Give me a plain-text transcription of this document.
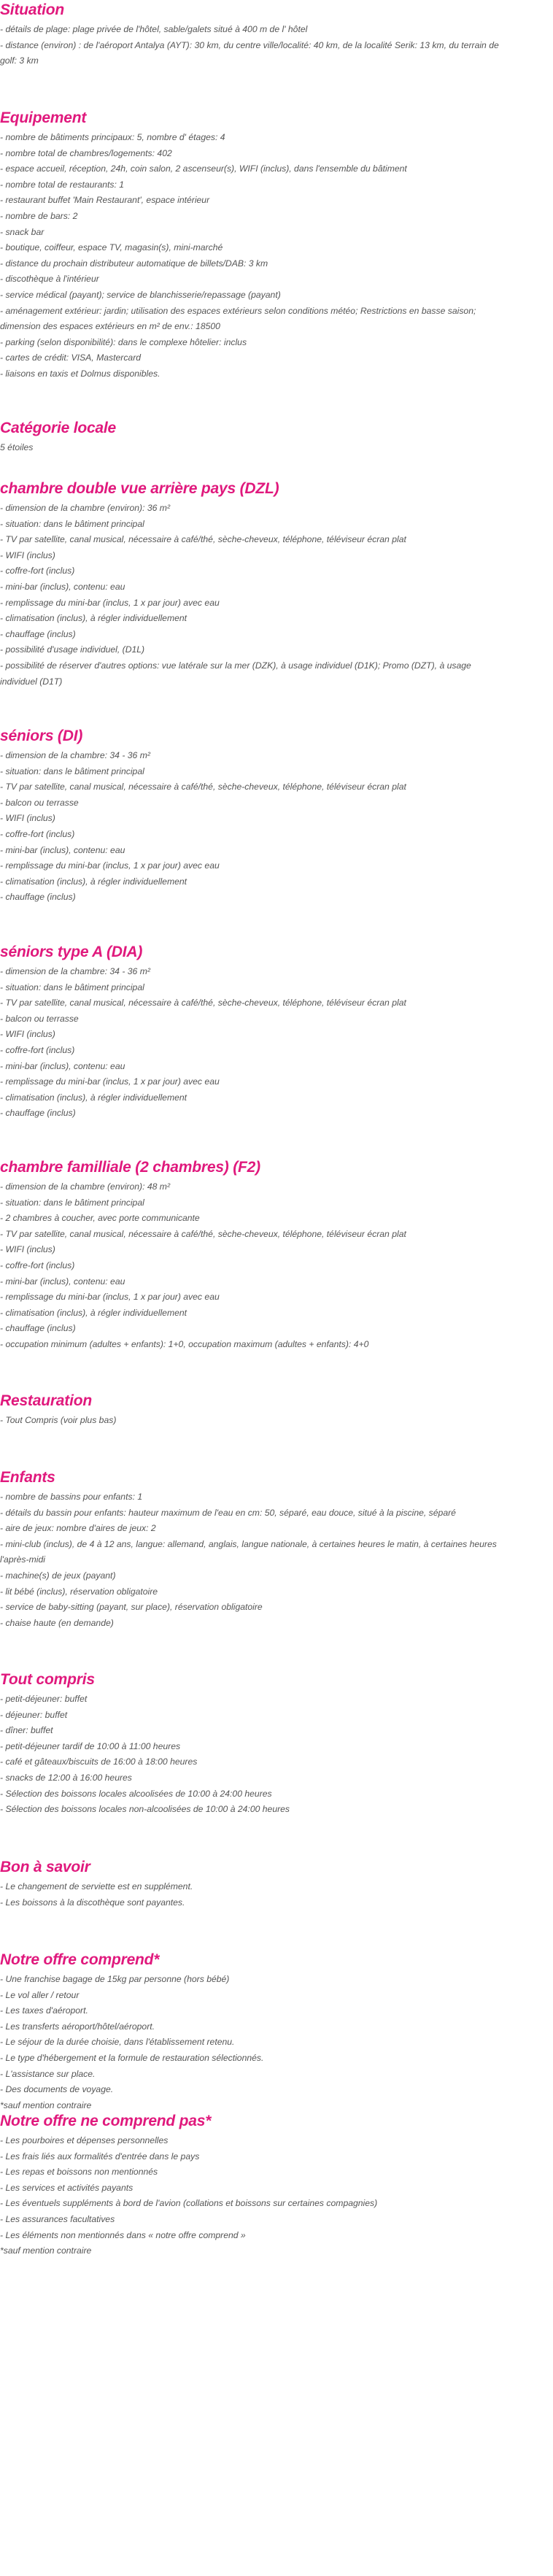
Situation
- détails de plage: plage privée de l'hôtel, sable/galets situé à 400 m de l' hôtel
- distance (environ) : de l'aéroport Antalya (AYT): 30 km, du centre ville/localité: 40 km, de la localité Serik: 13 km, du terrain de golf: 3 km
Equipement
- nombre de bâtiments principaux: 5, nombre d' étages: 4
- nombre total de chambres/logements: 402
- espace accueil, réception, 24h, coin salon, 2 ascenseur(s), WIFI (inclus), dans l'ensemble du bâtiment
- nombre total de restaurants: 1
- restaurant buffet 'Main Restaurant', espace intérieur
- nombre de bars: 2
- snack bar
- boutique, coiffeur, espace TV, magasin(s), mini-marché
- distance du prochain distributeur automatique de billets/DAB: 3 km
- discothèque à l'intérieur
- service médical (payant); service de blanchisserie/repassage (payant)
- aménagement extérieur: jardin; utilisation des espaces extérieurs selon conditions météo; Restrictions en basse saison; dimension des espaces extérieurs en m² de env.: 18500
- parking (selon disponibilité): dans le complexe hôtelier: inclus
- cartes de crédit: VISA, Mastercard
- liaisons en taxis et Dolmus disponibles.
Catégorie locale
5 étoiles
chambre double vue arrière pays (DZL)
- dimension de la chambre (environ): 36 m²
- situation: dans le bâtiment principal
- TV par satellite, canal musical, nécessaire à café/thé, sèche-cheveux, téléphone, téléviseur écran plat
- WIFI (inclus)
- coffre-fort (inclus)
- mini-bar (inclus), contenu: eau
- remplissage du mini-bar (inclus, 1 x par jour) avec eau
- climatisation (inclus), à régler individuellement
- chauffage (inclus)
- possibilité d'usage individuel, (D1L)
- possibilité de réserver d'autres options: vue latérale sur la mer (DZK), à usage individuel (D1K); Promo (DZT), à usage individuel (D1T)
séniors (DI)
- dimension de la chambre: 34 - 36 m²
- situation: dans le bâtiment principal
- TV par satellite, canal musical, nécessaire à café/thé, sèche-cheveux, téléphone, téléviseur écran plat
- balcon ou terrasse
- WIFI (inclus)
- coffre-fort (inclus)
- mini-bar (inclus), contenu: eau
- remplissage du mini-bar (inclus, 1 x par jour) avec eau
- climatisation (inclus), à régler individuellement
- chauffage (inclus)
séniors type A (DIA)
- dimension de la chambre: 34 - 36 m²
- situation: dans le bâtiment principal
- TV par satellite, canal musical, nécessaire à café/thé, sèche-cheveux, téléphone, téléviseur écran plat
- balcon ou terrasse
- WIFI (inclus)
- coffre-fort (inclus)
- mini-bar (inclus), contenu: eau
- remplissage du mini-bar (inclus, 1 x par jour) avec eau
- climatisation (inclus), à régler individuellement
- chauffage (inclus)
chambre familliale (2 chambres) (F2)
- dimension de la chambre (environ): 48 m²
- situation: dans le bâtiment principal
- 2 chambres à coucher, avec porte communicante
- TV par satellite, canal musical, nécessaire à café/thé, sèche-cheveux, téléphone, téléviseur écran plat
- WIFI (inclus)
- coffre-fort (inclus)
- mini-bar (inclus), contenu: eau
- remplissage du mini-bar (inclus, 1 x par jour) avec eau
- climatisation (inclus), à régler individuellement
- chauffage (inclus)
- occupation minimum (adultes + enfants): 1+0, occupation maximum (adultes + enfants): 4+0
Restauration
- Tout Compris (voir plus bas)
Enfants
- nombre de bassins pour enfants: 1
- détails du bassin pour enfants: hauteur maximum de l'eau en cm: 50, séparé, eau douce, situé à la piscine, séparé
- aire de jeux: nombre d'aires de jeux: 2
- mini-club (inclus), de 4 à 12 ans, langue: allemand, anglais, langue nationale, à certaines heures le matin, à certaines heures l'après-midi
- machine(s) de jeux (payant)
- lit bébé (inclus), réservation obligatoire
- service de baby-sitting (payant, sur place), réservation obligatoire
- chaise haute (en demande)
Tout compris
- petit-déjeuner: buffet
- déjeuner: buffet
- dîner: buffet
- petit-déjeuner tardif de 10:00 à 11:00 heures
- café et gâteaux/biscuits de 16:00 à 18:00 heures
- snacks de 12:00 à 16:00 heures
- Sélection des boissons locales alcoolisées de 10:00 à 24:00 heures
- Sélection des boissons locales non-alcoolisées de 10:00 à 24:00 heures
Bon à savoir
- Le changement de serviette est en supplément.
- Les boissons à la discothèque sont payantes.
Notre offre comprend*
- Une franchise bagage de 15kg par personne (hors bébé)
- Le vol aller / retour
- Les taxes d'aéroport.
- Les transferts aéroport/hôtel/aéroport.
- Le séjour de la durée choisie, dans l'établissement retenu.
- Le type d'hébergement et la formule de restauration sélectionnés.
- L'assistance sur place.
- Des documents de voyage.
*sauf mention contraire
Notre offre ne comprend pas*
- Les pourboires et dépenses personnelles
- Les frais liés aux formalités d'entrée dans le pays
- Les repas et boissons non mentionnés
- Les services et activités payants
- Les éventuels suppléments à bord de l'avion (collations et boissons sur certaines compagnies)
- Les assurances facultatives
- Les éléments non mentionnés dans « notre offre comprend »
*sauf mention contraire
